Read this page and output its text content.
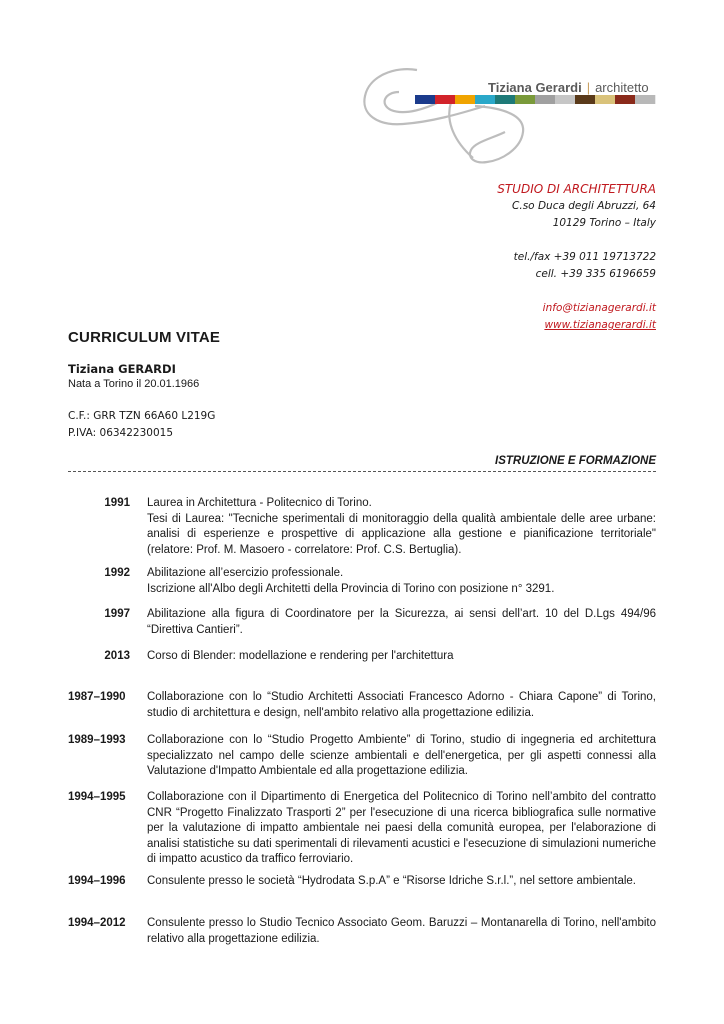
Tiziana Gerardi | architetto
STUDIO DI ARCHITETTURA
C.so Duca degli Abruzzi, 64
10129 Torino – Italy
tel./fax +39 011 19713722
cell. +39 335 6196659
info@tizianagerardi.it
www.tizianagerardi.it
CURRICULUM VITAE
Tiziana GERARDI
Nata a Torino il 20.01.1966
C.F.: GRR TZN 66A60 L219G
P.IVA: 06342230015
ISTRUZIONE E FORMAZIONE
1991 Laurea in Architettura - Politecnico di Torino.

Tesi di Laurea: "Tecniche sperimentali di monitoraggio della qualità ambientale delle aree urbane: analisi di esperienze e prospettive di applicazione alla gestione e pianificazione territoriale" (relatore: Prof. M. Masoero - correlatore: Prof. C.S. Bertuglia).

1992 Abilitazione all’esercizio professionale.

Iscrizione all'Albo degli Architetti della Provincia di Torino con posizione n° 3291.

1997 Abilitazione alla figura di Coordinatore per la Sicurezza, ai sensi dell’art. 10 del D.Lgs 494/96 “Direttiva Cantieri”.

2013 Corso di Blender: modellazione e rendering per l'architettura

1987–1990	Collaborazione con lo “Studio Architetti Associati Francesco Adorno - Chiara Capone” di Torino, studio di architettura e design, nell'ambito relativo alla progettazione edilizia.

1989–1993	Collaborazione con lo “Studio Progetto Ambiente” di Torino, studio di ingegneria ed architettura specializzato nel campo delle scienze ambientali e dell'energetica, per gli aspetti connessi alla Valutazione d'Impatto Ambientale ed alla progettazione edilizia.

1994–1995	Collaborazione con il Dipartimento di Energetica del Politecnico di Torino nell’ambito del contratto CNR “Progetto Finalizzato Trasporti 2” per l'esecuzione di una ricerca bibliografica sulle normative per la valutazione di impatto ambientale nei paesi della comunità europea, per l'elaborazione di analisi statistiche su dati sperimentali di rilevamenti acustici e l'esecuzione di simulazioni numeriche di impatto acustico da traffico ferroviario.

1994–1996	Consulente presso le società “Hydrodata S.p.A” e “Risorse Idriche S.r.l.”, nel settore ambientale.

1994–2012	Consulente presso lo Studio Tecnico Associato Geom. Baruzzi – Montanarella di Torino, nell'ambito relativo alla progettazione edilizia.
